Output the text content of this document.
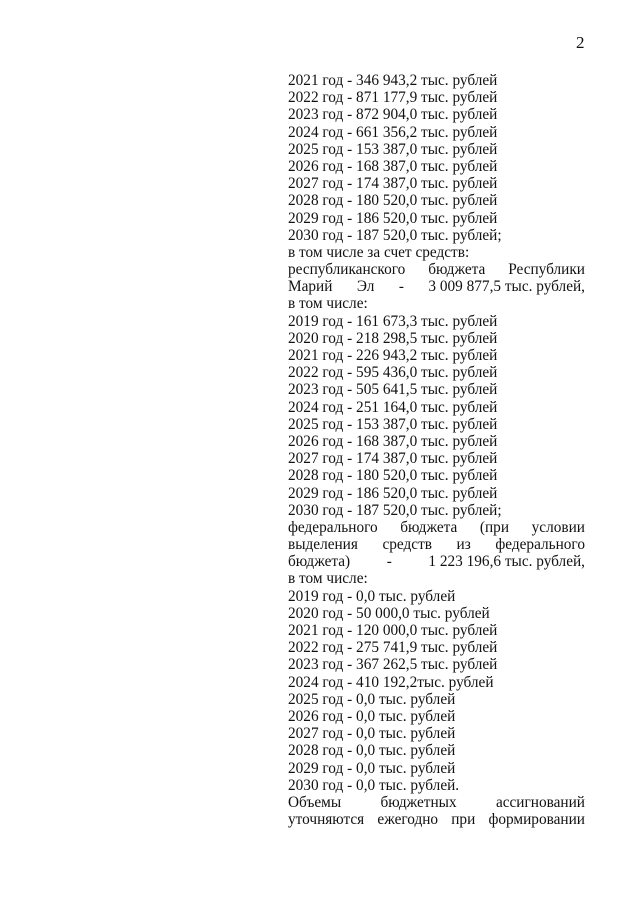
2
2021 год - 346 943,2 тыс. рублей
2022 год - 871 177,9 тыс. рублей
2023 год - 872 904,0 тыс. рублей
2024 год - 661 356,2 тыс. рублей
2025 год - 153 387,0 тыс. рублей
2026 год - 168 387,0 тыс. рублей
2027 год - 174 387,0 тыс. рублей
2028 год - 180 520,0 тыс. рублей
2029 год - 186 520,0 тыс. рублей
2030 год - 187 520,0 тыс. рублей;
в том числе за счет средств:
республиканского бюджета Республики
Марий Эл - 3 009 877,5 тыс. рублей,
в том числе:
2019 год - 161 673,3 тыс. рублей
2020 год - 218 298,5 тыс. рублей
2021 год - 226 943,2 тыс. рублей
2022 год - 595 436,0 тыс. рублей
2023 год - 505 641,5 тыс. рублей
2024 год - 251 164,0 тыс. рублей
2025 год - 153 387,0 тыс. рублей
2026 год - 168 387,0 тыс. рублей
2027 год - 174 387,0 тыс. рублей
2028 год - 180 520,0 тыс. рублей
2029 год - 186 520,0 тыс. рублей
2030 год - 187 520,0 тыс. рублей;
федерального бюджета (при условии
выделения средств из федерального
бюджета) - 1 223 196,6 тыс. рублей,
в том числе:
2019 год - 0,0 тыс. рублей
2020 год - 50 000,0 тыс. рублей
2021 год - 120 000,0 тыс. рублей
2022 год - 275 741,9 тыс. рублей
2023 год - 367 262,5 тыс. рублей
2024 год - 410 192,2тыс. рублей
2025 год - 0,0 тыс. рублей
2026 год - 0,0 тыс. рублей
2027 год - 0,0 тыс. рублей
2028 год - 0,0 тыс. рублей
2029 год - 0,0 тыс. рублей
2030 год - 0,0 тыс. рублей.
Объемы	бюджетных	ассигнований
уточняются ежегодно при формировании
